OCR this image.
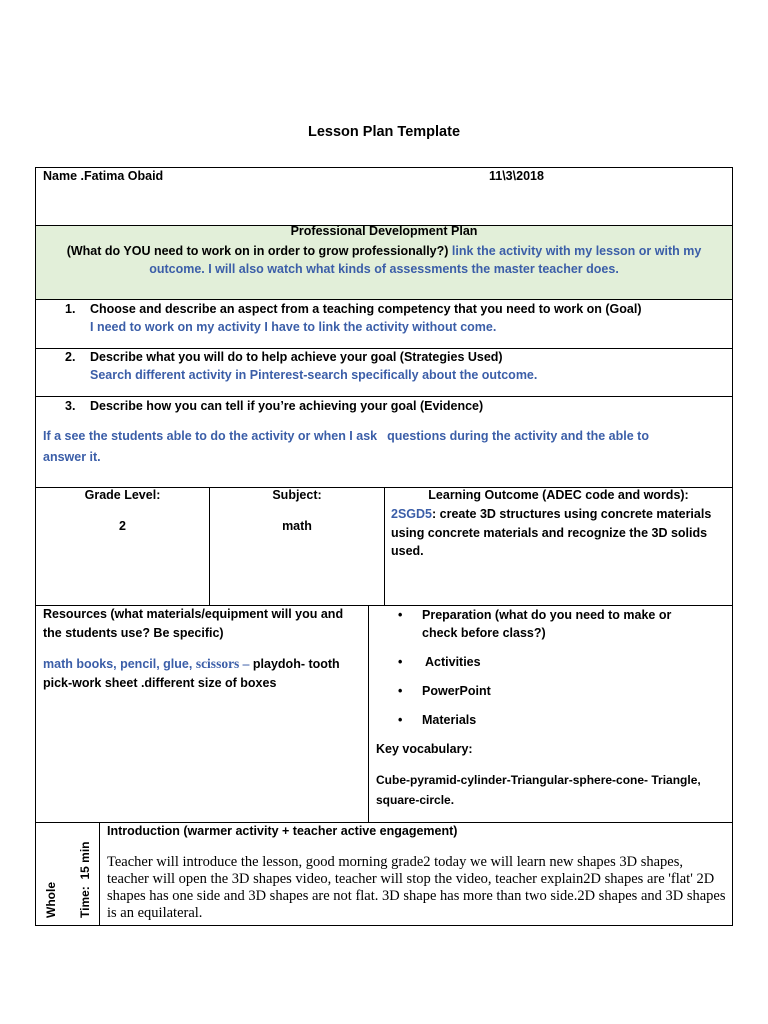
Lesson Plan Template
Name .Fatima Obaid	11\3\2018
Professional Development Plan
(What do YOU need to work on in order to grow professionally?) link the activity with my lesson or with my
outcome. I will also watch what kinds of assessments the master teacher does.
1. Choose and describe an aspect from a teaching competency that you need to work on (Goal)
I need to work on my activity I have to link the activity without come.
2. Describe what you will do to help achieve your goal (Strategies Used)
Search different activity in Pinterest-search specifically about the outcome.
3. Describe how you can tell if you’re achieving your goal (Evidence)
If a see the students able to do the activity or when I ask questions during the activity and the able to
answer it.
Grade Level:
2
Subject:
math
Learning Outcome (ADEC code and words):
2SGD5: create 3D structures using concrete materials
using concrete materials and recognize the 3D solids
used.
Resources (what materials/equipment will you and
the students use? Be specific)
math books, pencil, glue, scissors – playdoh- tooth
pick-work sheet .different size of boxes
• Preparation (what do you need to make or
check before class?)
• Activities
• PowerPoint
• Materials
Key vocabulary:
Cube-pyramid-cylinder-Triangular-sphere-cone- Triangle,
square-circle.
Whole Time:  15 min
Introduction (warmer activity + teacher active engagement)
Teacher will introduce the lesson, good morning grade2 today we will learn new shapes 3D shapes, teacher will open the 3D shapes video, teacher will stop the video, teacher explain2D shapes are 'flat' 2D shapes has one side and 3D shapes are not flat. 3D shape has more than two side.2D shapes and 3D shapes is an equilateral.
